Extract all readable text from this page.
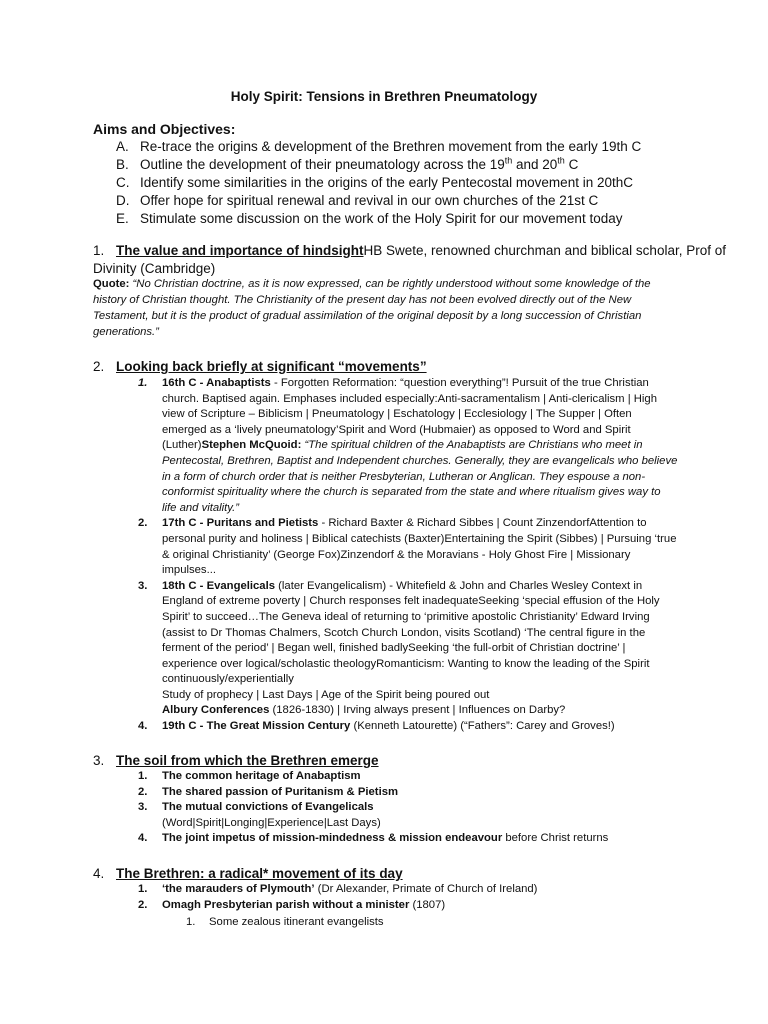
Holy Spirit: Tensions in Brethren Pneumatology
Aims and Objectives:
A. Re-trace the origins & development of the Brethren movement from the early 19th C
B. Outline the development of their pneumatology across the 19th and 20th C
C. Identify some similarities in the origins of the early Pentecostal movement in 20thC
D. Offer hope for spiritual renewal and revival in our own churches of the 21st C
E. Stimulate some discussion on the work of the Holy Spirit for our movement today
1. The value and importance of hindsightHB Swete, renowned churchman and biblical scholar, Prof of Divinity (Cambridge)
Quote: “No Christian doctrine, as it is now expressed, can be rightly understood without some knowledge of the history of Christian thought. The Christianity of the present day has not been evolved directly out of the New Testament, but it is the product of gradual assimilation of the original deposit by a long succession of Christian generations.”
2. Looking back briefly at significant “movements”
1.	16th C - Anabaptists - Forgotten Reformation: “question everything”! Pursuit of the true Christian church. Baptised again. Emphases included especially:Anti-sacramentalism | Anti-clericalism | High view of Scripture – Biblicism | Pneumatology | Eschatology | Ecclesiology | The Supper | Often emerged as a ‘lively pneumatology’Spirit and Word (Hubmaier) as opposed to Word and Spirit (Luther)Stephen McQuoid: “The spiritual children of the Anabaptists are Christians who meet in Pentecostal, Brethren, Baptist and Independent churches. Generally, they are evangelicals who believe in a form of church order that is neither Presbyterian, Lutheran or Anglican. They espouse a non-conformist spirituality where the church is separated from the state and where ritualism gives way to life and vitality.”
2.	17th C - Puritans and Pietists - Richard Baxter & Richard Sibbes | Count ZinzendorfAttention to personal purity and holiness | Biblical catechists (Baxter)Entertaining the Spirit (Sibbes) | Pursuing ‘true & original Christianity’ (George Fox)Zinzendorf & the Moravians - Holy Ghost Fire | Missionary impulses...
3.	18th C - Evangelicals (later Evangelicalism) - Whitefield & John and Charles Wesley Context in England of extreme poverty | Church responses felt inadequateSeeking ‘special effusion of the Holy Spirit’ to succeed…The Geneva ideal of returning to ‘primitive apostolic Christianity’ Edward Irving (assist to Dr Thomas Chalmers, Scotch Church London, visits Scotland) ‘The central figure in the ferment of the period’ | Began well, finished badlySeeking ‘the full-orbit of Christian doctrine’ | experience over logical/scholastic theologyRomanticism: Wanting to know the leading of the Spirit continuously/experientially
Study of prophecy | Last Days | Age of the Spirit being poured out
Albury Conferences (1826-1830) | Irving always present | Influences on Darby?
4.	19th C - The Great Mission Century (Kenneth Latourette) (“Fathers”: Carey and Groves!)
3. The soil from which the Brethren emerge
1.	The common heritage of Anabaptism
2.	The shared passion of Puritanism & Pietism
3.	The mutual convictions of Evangelicals
(Word|Spirit|Longing|Experience|Last Days)
4.	The joint impetus of mission-mindedness & mission endeavour before Christ returns
4. The Brethren: a radical* movement of its day
1.	‘the marauders of Plymouth’ (Dr Alexander, Primate of Church of Ireland)
2.	Omagh Presbyterian parish without a minister (1807)
1.	Some zealous itinerant evangelists
